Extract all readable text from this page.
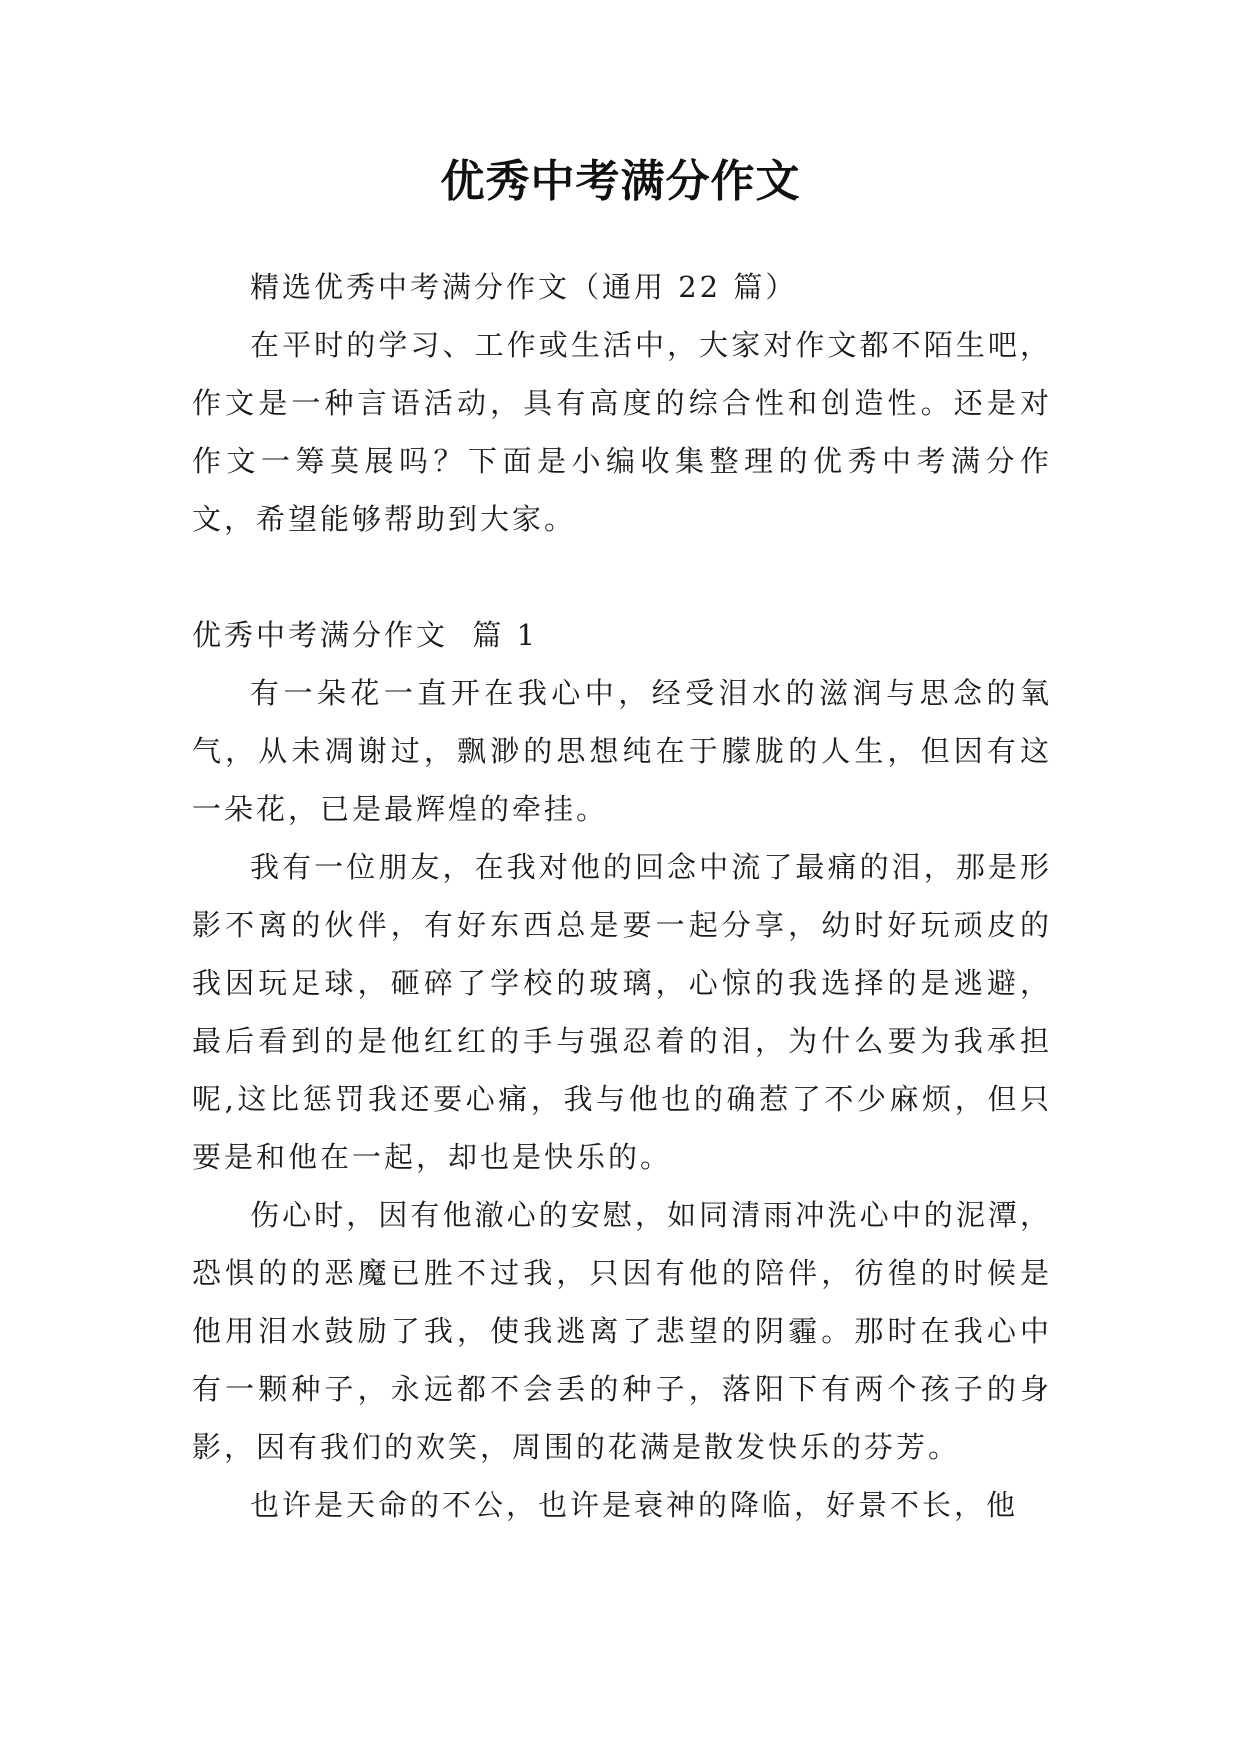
优秀中考满分作文

精选优秀中考满分作文（通用 22 篇）

在平时的学习、工作或生活中，大家对作文都不陌生吧，作文是一种言语活动，具有高度的综合性和创造性。还是对作文一筹莫展吗？下面是小编收集整理的优秀中考满分作文，希望能够帮助到大家。

优秀中考满分作文  篇 1

有一朵花一直开在我心中，经受泪水的滋润与思念的氧气，从未凋谢过，飘渺的思想纯在于朦胧的人生，但因有这一朵花，已是最辉煌的牵挂。

我有一位朋友，在我对他的回念中流了最痛的泪，那是形影不离的伙伴，有好东西总是要一起分享，幼时好玩顽皮的我因玩足球，砸碎了学校的玻璃，心惊的我选择的是逃避，最后看到的是他红红的手与强忍着的泪，为什么要为我承担呢,这比惩罚我还要心痛，我与他也的确惹了不少麻烦，但只要是和他在一起，却也是快乐的。

伤心时，因有他澈心的安慰，如同清雨冲洗心中的泥潭，恐惧的的恶魔已胜不过我，只因有他的陪伴，彷徨的时候是他用泪水鼓励了我，使我逃离了悲望的阴霾。那时在我心中有一颗种子，永远都不会丢的种子，落阳下有两个孩子的身影，因有我们的欢笑，周围的花满是散发快乐的芬芳。

也许是天命的不公，也许是衰神的降临，好景不长，他
